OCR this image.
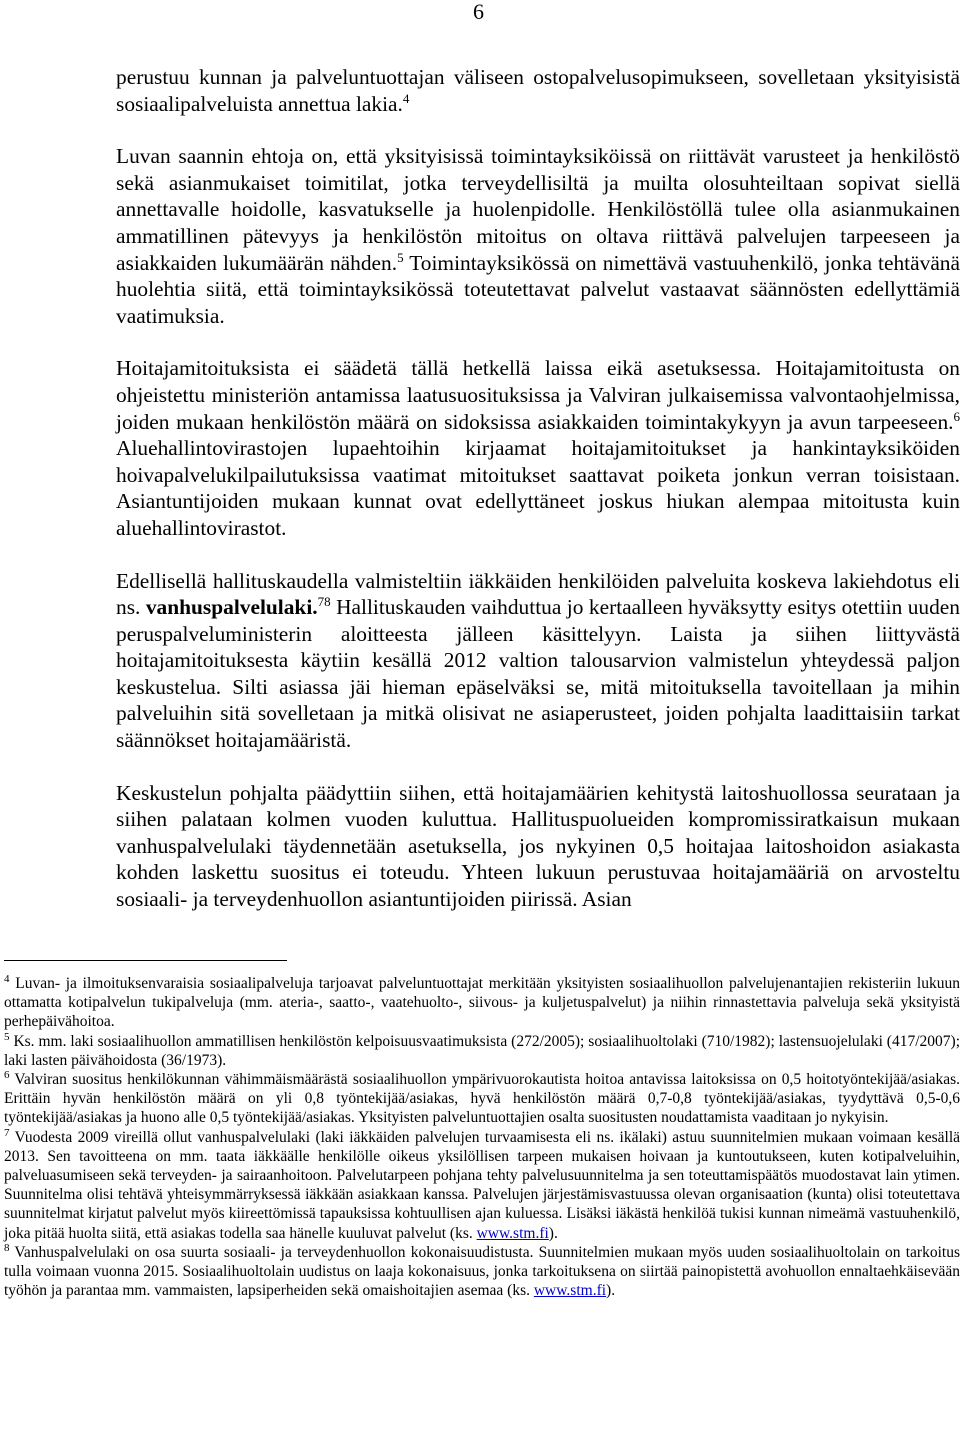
6

perustuu kunnan ja palveluntuottajan väliseen ostopalvelusopimukseen, sovelletaan yksityisistä sosiaalipalveluista annettua lakia.$^4$

Luvan saannin ehtoja on, että yksityisissä toimintayksiköissä on riittävät varusteet ja henkilöstö sekä asianmukaiset toimitilat, jotka terveydellisiltä ja muilta olosuhteiltaan sopivat siellä annettavalle hoidolle, kasvatukselle ja huolenpidolle. Henkilöstöllä tulee olla asianmukainen ammatillinen pätevyys ja henkilöstön mitoitus on oltava riittävä palvelujen tarpeeseen ja asiakkaiden lukumäärän nähden.$^5$ Toimintayksikössä on nimettävä vastuuhenkilö, jonka tehtävänä huolehtia siitä, että toimintayksikössä toteutettavat palvelut vastaavat säännösten edellyttämiä vaatimuksia.

Hoitajamitoituksista ei säädetä tällä hetkellä laissa eikä asetuksessa. Hoitajamitoitusta on ohjeistettu ministeriön antamissa laatusuosituksissa ja Valviran julkaisemissa valvontaohjelmissa, joiden mukaan henkilöstön määrä on sidoksissa asiakkaiden toimintakykyyn ja avun tarpeeseen.$^6$ Aluehallintovirastojen lupaehtoihin kirjaamat hoitajamitoitukset ja hankintayksiköiden hoivapalvelukilpailutuksissa vaatimat mitoitukset saattavat poiketa jonkun verran toisistaan. Asiantuntijoiden mukaan kunnat ovat edellyttäneet joskus hiukan alempaa mitoitusta kuin aluehallintovirastot.

Edellisellä hallituskaudella valmisteltiin iäkkäiden henkilöiden palveluita koskeva lakiehdotus eli ns. vanhuspalvelulaki.$^{78}$ Hallituskauden vaihduttua jo kertaalleen hyväksytty esitys otettiin uuden peruspalveluministerin aloitteesta jälleen käsittelyyn. Laista ja siihen liittyvästä hoitajamitoituksesta käytiin kesällä 2012 valtion talousarvion valmistelun yhteydessä paljon keskustelua. Silti asiassa jäi hieman epäselväksi se, mitä mitoituksella tavoitellaan ja mihin palveluihin sitä sovelletaan ja mitkä olisivat ne asiaperusteet, joiden pohjalta laadittaisiin tarkat säännökset hoitajamääristä.

Keskustelun pohjalta päädyttiin siihen, että hoitajamäärien kehitystä laitoshuollossa seurataan ja siihen palataan kolmen vuoden kuluttua. Hallituspuolueiden kompromissiratkaisun mukaan vanhuspalvelulaki täydennetään asetuksella, jos nykyinen 0,5 hoitajaa laitoshoidon asiakasta kohden laskettu suositus ei toteudu. Yhteen lukuun perustuvaa hoitajamääriä on arvosteltu sosiaali- ja terveydenhuollon asiantuntijoiden piirissä. Asian

$^4$ Luvan- ja ilmoituksenvaraisia sosiaalipalveluja tarjoavat palveluntuottajat merkitään yksityisten sosiaalihuollon palvelujenantajien rekisteriin lukuun ottamatta kotipalvelun tukipalveluja (mm. ateria-, saatto-, vaatehuolto-, siivous- ja kuljetuspalvelut) ja niihin rinnastettavia palveluja sekä yksityistä perhepäivähoitoa.

$^5$ Ks. mm. laki sosiaalihuollon ammatillisen henkilöstön kelpoisuusvaatimuksista (272/2005); sosiaalihuoltolaki (710/1982); lastensuojelulaki (417/2007); laki lasten päivähoidosta (36/1973).

$^6$ Valviran suositus henkilökunnan vähimmäismäärästä sosiaalihuollon ympärivuorokautista hoitoa antavissa laitoksissa on 0,5 hoitotyöntekijää/asiakas. Erittäin hyvän henkilöstön määrä on yli 0,8 työntekijää/asiakas, hyvä henkilöstön määrä 0,7-0,8 työntekijää/asiakas, tyydyttävä 0,5-0,6 työntekijää/asiakas ja huono alle 0,5 työntekijää/asiakas. Yksityisten palveluntuottajien osalta suositusten noudattamista vaaditaan jo nykyisin.

$^7$ Vuodesta 2009 vireillä ollut vanhuspalvelulaki (laki iäkkäiden palvelujen turvaamisesta eli ns. ikälaki) astuu suunnitelmien mukaan voimaan kesällä 2013. Sen tavoitteena on mm. taata iäkkäälle henkilölle oikeus yksilöllisen tarpeen mukaisen hoivaan ja kuntoutukseen, kuten kotipalveluihin, palveluasumiseen sekä terveyden- ja sairaanhoitoon. Palvelutarpeen pohjana tehty palvelusuunnitelma ja sen toteuttamispäätös muodostavat lain ytimen. Suunnitelma olisi tehtävä yhteisymmärryksessä iäkkään asiakkaan kanssa. Palvelujen järjestämisvastuussa olevan organisaation (kunta) olisi toteutettava suunnitelmat kirjatut palvelut myös kiireettömissä tapauksissa kohtuullisen ajan kuluessa. Lisäksi iäkästä henkilöä tukisi kunnan nimeämä vastuuhenkilö, joka pitää huolta siitä, että asiakas todella saa hänelle kuuluvat palvelut (ks. www.stm.fi).

$^8$ Vanhuspalvelulaki on osa suurta sosiaali- ja terveydenhuollon kokonaisuudistusta. Suunnitelmien mukaan myös uuden sosiaalihuoltolain on tarkoitus tulla voimaan vuonna 2015. Sosiaalihuoltolain uudistus on laaja kokonaisuus, jonka tarkoituksena on siirtää painopistettä avohuollon ennaltaehkäisevään työhön ja parantaa mm. vammaisten, lapsiperheiden sekä omaishoitajien asemaa (ks. www.stm.fi).
